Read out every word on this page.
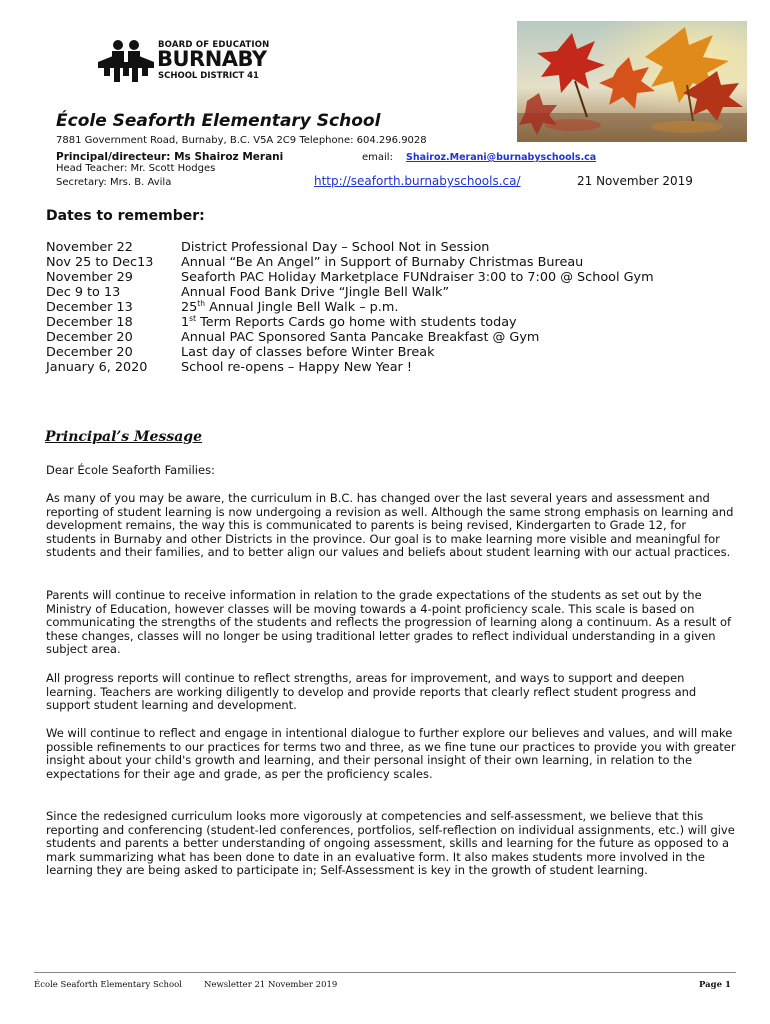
BOARD OF EDUCATION
BURNABY
SCHOOL DISTRICT 41
École Seaforth Elementary School
7881 Government Road, Burnaby, B.C. V5A 2C9 Telephone: 604.296.9028
Principal/directeur: Ms Shairoz Merani	email: Shairoz.Merani@burnabyschools.ca
Head Teacher: Mr. Scott Hodges
Secretary: Mrs. B. Avila	http://seaforth.burnabyschools.ca/	21 November 2019
Dates to remember:
November 22	District Professional Day – School Not in Session
Nov 25 to Dec13 Annual “Be An Angel” in Support of Burnaby Christmas Bureau
November 29	Seaforth PAC Holiday Marketplace FUNdraiser 3:00 to 7:00 @ School Gym
Dec 9 to 13	Annual Food Bank Drive “Jingle Bell Walk”
December 13	25th Annual Jingle Bell Walk – p.m.
December 18	1st Term Reports Cards go home with students today
December 20	Annual PAC Sponsored Santa Pancake Breakfast @ Gym
December 20	Last day of classes before Winter Break
January 6, 2020	School re-opens – Happy New Year !
Principal’s Message
Dear École Seaforth Families:
As many of you may be aware, the curriculum in B.C. has changed over the last several years and assessment and reporting of student learning is now undergoing a revision as well. Although the same strong emphasis on learning and development remains, the way this is communicated to parents is being revised, Kindergarten to Grade 12, for students in Burnaby and other Districts in the province. Our goal is to make learning more visible and meaningful for students and their families, and to better align our values and beliefs about student learning with our actual practices.
Parents will continue to receive information in relation to the grade expectations of the students as set out by the Ministry of Education, however classes will be moving towards a 4-point proficiency scale. This scale is based on communicating the strengths of the students and reflects the progression of learning along a continuum. As a result of these changes, classes will no longer be using traditional letter grades to reflect individual understanding in a given subject area.
All progress reports will continue to reflect strengths, areas for improvement, and ways to support and deepen learning. Teachers are working diligently to develop and provide reports that clearly reflect student progress and support student learning and development.
We will continue to reflect and engage in intentional dialogue to further explore our believes and values, and will make possible refinements to our practices for terms two and three, as we fine tune our practices to provide you with greater insight about your child's growth and learning, and their personal insight of their own learning, in relation to the expectations for their age and grade, as per the proficiency scales.
Since the redesigned curriculum looks more vigorously at competencies and self-assessment, we believe that this reporting and conferencing (student-led conferences, portfolios, self-reflection on individual assignments, etc.) will give students and parents a better understanding of ongoing assessment, skills and learning for the future as opposed to a mark summarizing what has been done to date in an evaluative form. It also makes students more involved in the learning they are being asked to participate in; Self-Assessment is key in the growth of student learning.
École Seaforth Elementary School	Newsletter 21 November 2019	Page 1
